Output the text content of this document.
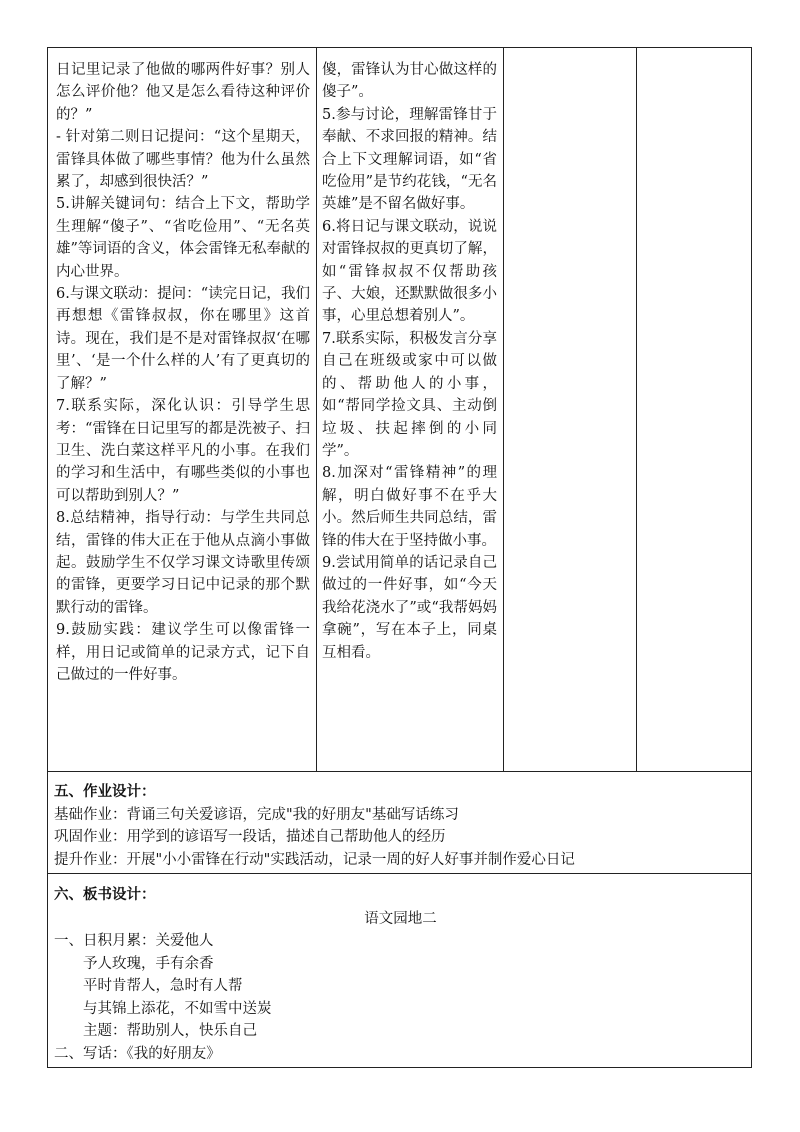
日记里记录了他做的哪两件好事？别人怎么评价他？他又是怎么看待这种评价的？”

- 针对第二则日记提问：“这个星期天，雷锋具体做了哪些事情？他为什么虽然累了，却感到很快活？”

5.讲解关键词句：结合上下文，帮助学生理解“傻子”、“省吃俭用”、“无名英雄”等词语的含义，体会雷锋无私奉献的内心世界。

6.与课文联动：提问：“读完日记，我们再想想《雷锋叔叔，你在哪里》这首诗。现在，我们是不是对雷锋叔叔‘在哪里’、‘是一个什么样的人’有了更真切的了解？”

7.联系实际，深化认识：引导学生思考：“雷锋在日记里写的都是洗被子、扫卫生、洗白菜这样平凡的小事。在我们的学习和生活中，有哪些类似的小事也可以帮助到别人？”

8.总结精神，指导行动：与学生共同总结，雷锋的伟大正在于他从点滴小事做起。鼓励学生不仅学习课文诗歌里传颂的雷锋，更要学习日记中记录的那个默默行动的雷锋。

9.鼓励实践：建议学生可以像雷锋一样，用日记或简单的记录方式，记下自己做过的一件好事。

傻，雷锋认为甘心做这样的傻子”。

5.参与讨论，理解雷锋甘于奉献、不求回报的精神。结合上下文理解词语，如“省吃俭用”是节约花钱，“无名英雄”是不留名做好事。

6.将日记与课文联动，说说对雷锋叔叔的更真切了解，如“雷锋叔叔不仅帮助孩子、大娘，还默默做很多小事，心里总想着别人”。

7.联系实际，积极发言分享自己在班级或家中可以做的、帮助他人的小事，如“帮同学捡文具、主动倒垃圾、扶起摔倒的小同学”。

8.加深对“雷锋精神”的理解，明白做好事不在乎大小。然后师生共同总结，雷锋的伟大在于坚持做小事。

9.尝试用简单的话记录自己做过的一件好事，如“今天我给花浇水了”或“我帮妈妈拿碗”，写在本子上，同桌互相看。

五、作业设计：

基础作业：背诵三句关爱谚语，完成"我的好朋友"基础写话练习

巩固作业：用学到的谚语写一段话，描述自己帮助他人的经历

提升作业：开展"小小雷锋在行动"实践活动，记录一周的好人好事并制作爱心日记

六、板书设计：

语文园地二

一、日积月累：关爱他人

予人玫瑰，手有余香

平时肯帮人，急时有人帮

与其锦上添花，不如雪中送炭

主题：帮助别人，快乐自己

二、写话：《我的好朋友》
